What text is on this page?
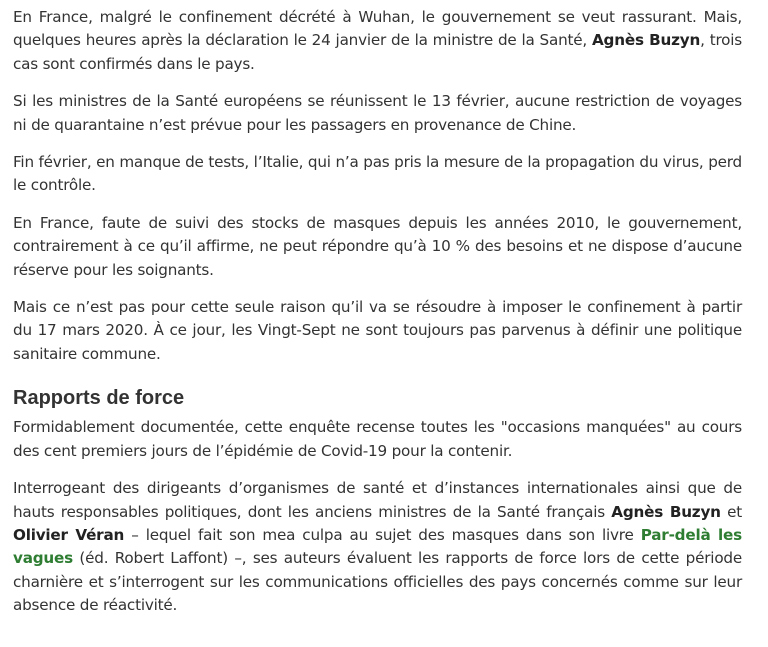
En France, malgré le confinement décrété à Wuhan, le gouvernement se veut rassurant. Mais, quelques heures après la déclaration le 24 janvier de la ministre de la Santé, Agnès Buzyn, trois cas sont confirmés dans le pays.

Si les ministres de la Santé européens se réunissent le 13 février, aucune restriction de voyages ni de quarantaine n’est prévue pour les passagers en provenance de Chine.

Fin février, en manque de tests, l’Italie, qui n’a pas pris la mesure de la propagation du virus, perd le contrôle.

En France, faute de suivi des stocks de masques depuis les années 2010, le gouvernement, contrairement à ce qu’il affirme, ne peut répondre qu’à 10 % des besoins et ne dispose d’aucune réserve pour les soignants.

Mais ce n’est pas pour cette seule raison qu’il va se résoudre à imposer le confinement à partir du 17 mars 2020. À ce jour, les Vingt-Sept ne sont toujours pas parvenus à définir une politique sanitaire commune.

Rapports de force

Formidablement documentée, cette enquête recense toutes les "occasions manquées" au cours des cent premiers jours de l’épidémie de Covid-19 pour la contenir.

Interrogeant des dirigeants d’organismes de santé et d’instances internationales ainsi que de hauts responsables politiques, dont les anciens ministres de la Santé français Agnès Buzyn et Olivier Véran – lequel fait son mea culpa au sujet des masques dans son livre Par-delà les vagues (éd. Robert Laffont) –, ses auteurs évaluent les rapports de force lors de cette période charnière et s’interrogent sur les communications officielles des pays concernés comme sur leur absence de réactivité.
